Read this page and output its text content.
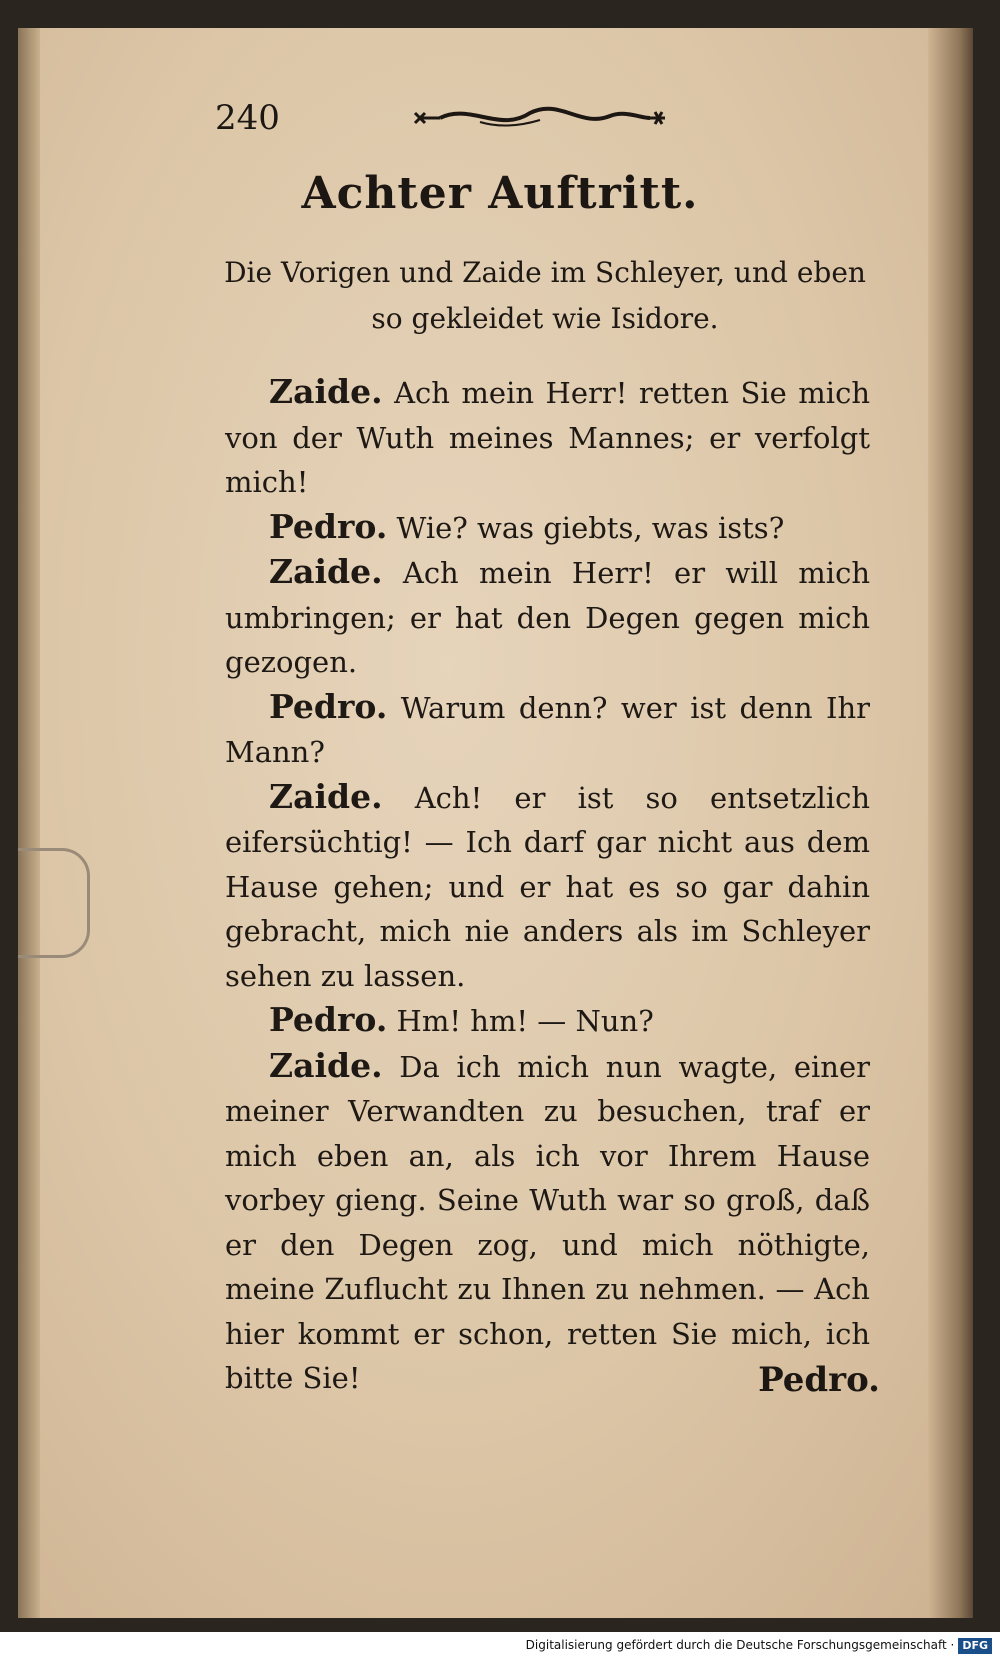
240
Achter Auftritt.
Die Vorigen und Zaide im Schleyer, und eben so gekleidet wie Isidore.

Zaide. Ach mein Herr! retten Sie mich von der Wuth meines Mannes; er verfolgt mich!

Pedro. Wie? was giebts, was ists?

Zaide. Ach mein Herr! er will mich umbringen; er hat den Degen gegen mich gezogen.

Pedro. Warum denn? wer ist denn Ihr Mann?

Zaide. Ach! er ist so entsetzlich eifersüchtig! — Ich darf gar nicht aus dem Hause gehen; und er hat es so gar dahin gebracht, mich nie anders als im Schleyer sehen zu lassen.

Pedro. Hm! hm! — Nun?

Zaide. Da ich mich nun wagte, einer meiner Verwandten zu besuchen, traf er mich eben an, als ich vor Ihrem Hause vorbey gieng. Seine Wuth war so groß, daß er den Degen zog, und mich nöthigte, meine Zuflucht zu Ihnen zu nehmen. — Ach hier kommt er schon, retten Sie mich, ich bitte Sie!	Pedro.
Digitalisierung gefördert durch die Deutsche Forschungsgemeinschaft · DFG
